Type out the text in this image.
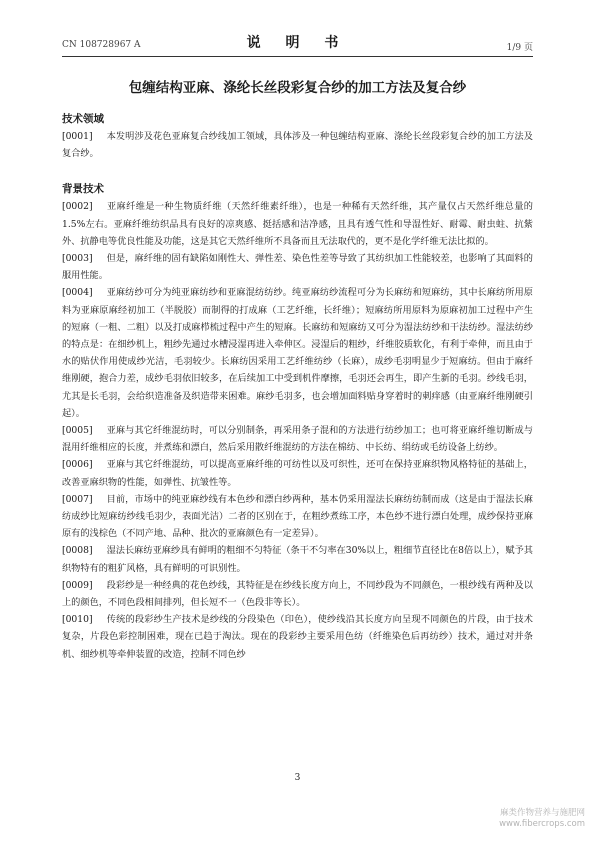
CN 108728967 A	说 明 书	1/9 页
包缠结构亚麻、涤纶长丝段彩复合纱的加工方法及复合纱

技术领域

[0001] 本发明涉及花色亚麻复合纱线加工领域，具体涉及一种包缠结构亚麻、涤纶长丝段彩复合纱的加工方法及复合纱。

背景技术

[0002] 亚麻纤维是一种生物质纤维（天然纤维素纤维），也是一种稀有天然纤维，其产量仅占天然纤维总量的1.5%左右。亚麻纤维纺织品具有良好的凉爽感、挺括感和洁净感，且具有透气性和导湿性好、耐霉、耐虫蛀、抗紫外、抗静电等优良性能及功能，这是其它天然纤维所不具备而且无法取代的，更不是化学纤维无法比拟的。

[0003] 但是，麻纤维的固有缺陷如刚性大、弹性差、染色性差等导致了其纺织加工性能较差，也影响了其面料的服用性能。

[0004] 亚麻纺纱可分为纯亚麻纺纱和亚麻混纺纺纱。纯亚麻纺纱流程可分为长麻纺和短麻纺，其中长麻纺所用原料为亚麻原麻经初加工（半脱胶）而制得的打成麻（工艺纤维，长纤维）；短麻纺所用原料为原麻初加工过程中产生的短麻（一粗、二粗）以及打成麻栉梳过程中产生的短麻。长麻纺和短麻纺又可分为湿法纺纱和干法纺纱。湿法纺纱的特点是：在细纱机上，粗纱先通过水槽浸湿再进入牵伸区。浸湿后的粗纱，纤维胶质软化，有利于牵伸，而且由于水的贴伏作用使成纱光洁，毛羽较少。长麻纺因采用工艺纤维纺纱（长麻），成纱毛羽明显少于短麻纺。但由于麻纤维刚硬，抱合力差，成纱毛羽依旧较多，在后续加工中受到机件摩擦，毛羽还会再生，即产生新的毛羽。纱线毛羽，尤其是长毛羽，会给织造准备及织造带来困难。麻纱毛羽多，也会增加面料贴身穿着时的刺痒感（由亚麻纤维刚硬引起）。

[0005] 亚麻与其它纤维混纺时，可以分别制条，再采用条子混和的方法进行纺纱加工；也可将亚麻纤维切断成与混用纤维相应的长度，并煮练和漂白，然后采用散纤维混纺的方法在棉纺、中长纺、绢纺或毛纺设备上纺纱。

[0006] 亚麻与其它纤维混纺，可以提高亚麻纤维的可纺性以及可织性，还可在保持亚麻织物风格特征的基础上，改善亚麻织物的性能，如弹性、抗皱性等。

[0007] 目前，市场中的纯亚麻纱线有本色纱和漂白纱两种，基本仍采用湿法长麻纺纺制而成（这是由于湿法长麻纺成纱比短麻纺纱线毛羽少，表面光洁）二者的区别在于，在粗纱煮练工序，本色纱不进行漂白处理，成纱保持亚麻原有的浅棕色（不同产地、品种、批次的亚麻颜色有一定差异）。

[0008] 湿法长麻纺亚麻纱具有鲜明的粗细不匀特征（条干不匀率在30%以上，粗细节直径比在8倍以上），赋予其织物特有的粗犷风格，具有鲜明的可识别性。

[0009] 段彩纱是一种经典的花色纱线，其特征是在纱线长度方向上，不同纱段为不同颜色，一根纱线有两种及以上的颜色，不同色段相间排列，但长短不一（色段非等长）。

[0010] 传统的段彩纱生产技术是纱线的分段染色（印色），使纱线沿其长度方向呈现不同颜色的片段，由于技术复杂，片段色彩控制困难，现在已趋于淘汰。现在的段彩纱主要采用色纺（纤维染色后再纺纱）技术，通过对并条机、细纱机等牵伸装置的改造，控制不同色纱

3
麻类作物营养与施肥网
www.fibercrops.com
